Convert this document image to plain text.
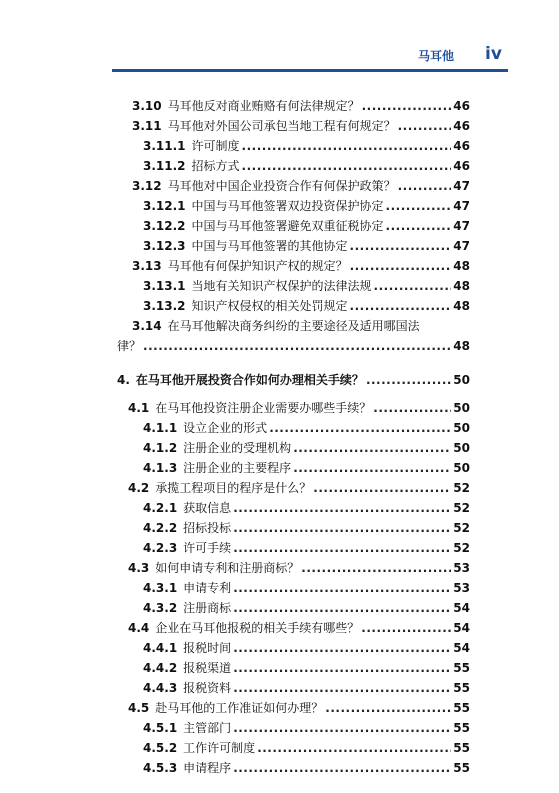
马耳他 iv
3.10 马耳他反对商业贿赂有何法律规定？ .....	46
3.11 马耳他对外国公司承包当地工程有何规定？ .....	46
3.11.1 许可制度 .....	46
3.11.2 招标方式 .....	46
3.12 马耳他对中国企业投资合作有何保护政策？ .....	47
3.12.1 中国与马耳他签署双边投资保护协定 .....	47
3.12.2 中国与马耳他签署避免双重征税协定 .....	47
3.12.3 中国与马耳他签署的其他协定 .....	47
3.13 马耳他有何保护知识产权的规定？ .....	48
3.13.1 当地有关知识产权保护的法律法规 .....	48
3.13.2 知识产权侵权的相关处罚规定 .....	48
3.14 在马耳他解决商务纠纷的主要途径及适用哪国法
律？ .....	48
4. 在马耳他开展投资合作如何办理相关手续？ .....	50
4.1 在马耳他投资注册企业需要办哪些手续？ .....	50
4.1.1 设立企业的形式 .....	50
4.1.2 注册企业的受理机构 .....	50
4.1.3 注册企业的主要程序 .....	50
4.2 承揽工程项目的程序是什么？ .....	52
4.2.1 获取信息 .....	52
4.2.2 招标投标 .....	52
4.2.3 许可手续 .....	52
4.3 如何申请专利和注册商标？ .....	53
4.3.1 申请专利 .....	53
4.3.2 注册商标 .....	54
4.4 企业在马耳他报税的相关手续有哪些？ .....	54
4.4.1 报税时间 .....	54
4.4.2 报税渠道 .....	55
4.4.3 报税资料 .....	55
4.5 赴马耳他的工作准证如何办理？ .....	55
4.5.1 主管部门 .....	55
4.5.2 工作许可制度 .....	55
4.5.3 申请程序 .....	55
